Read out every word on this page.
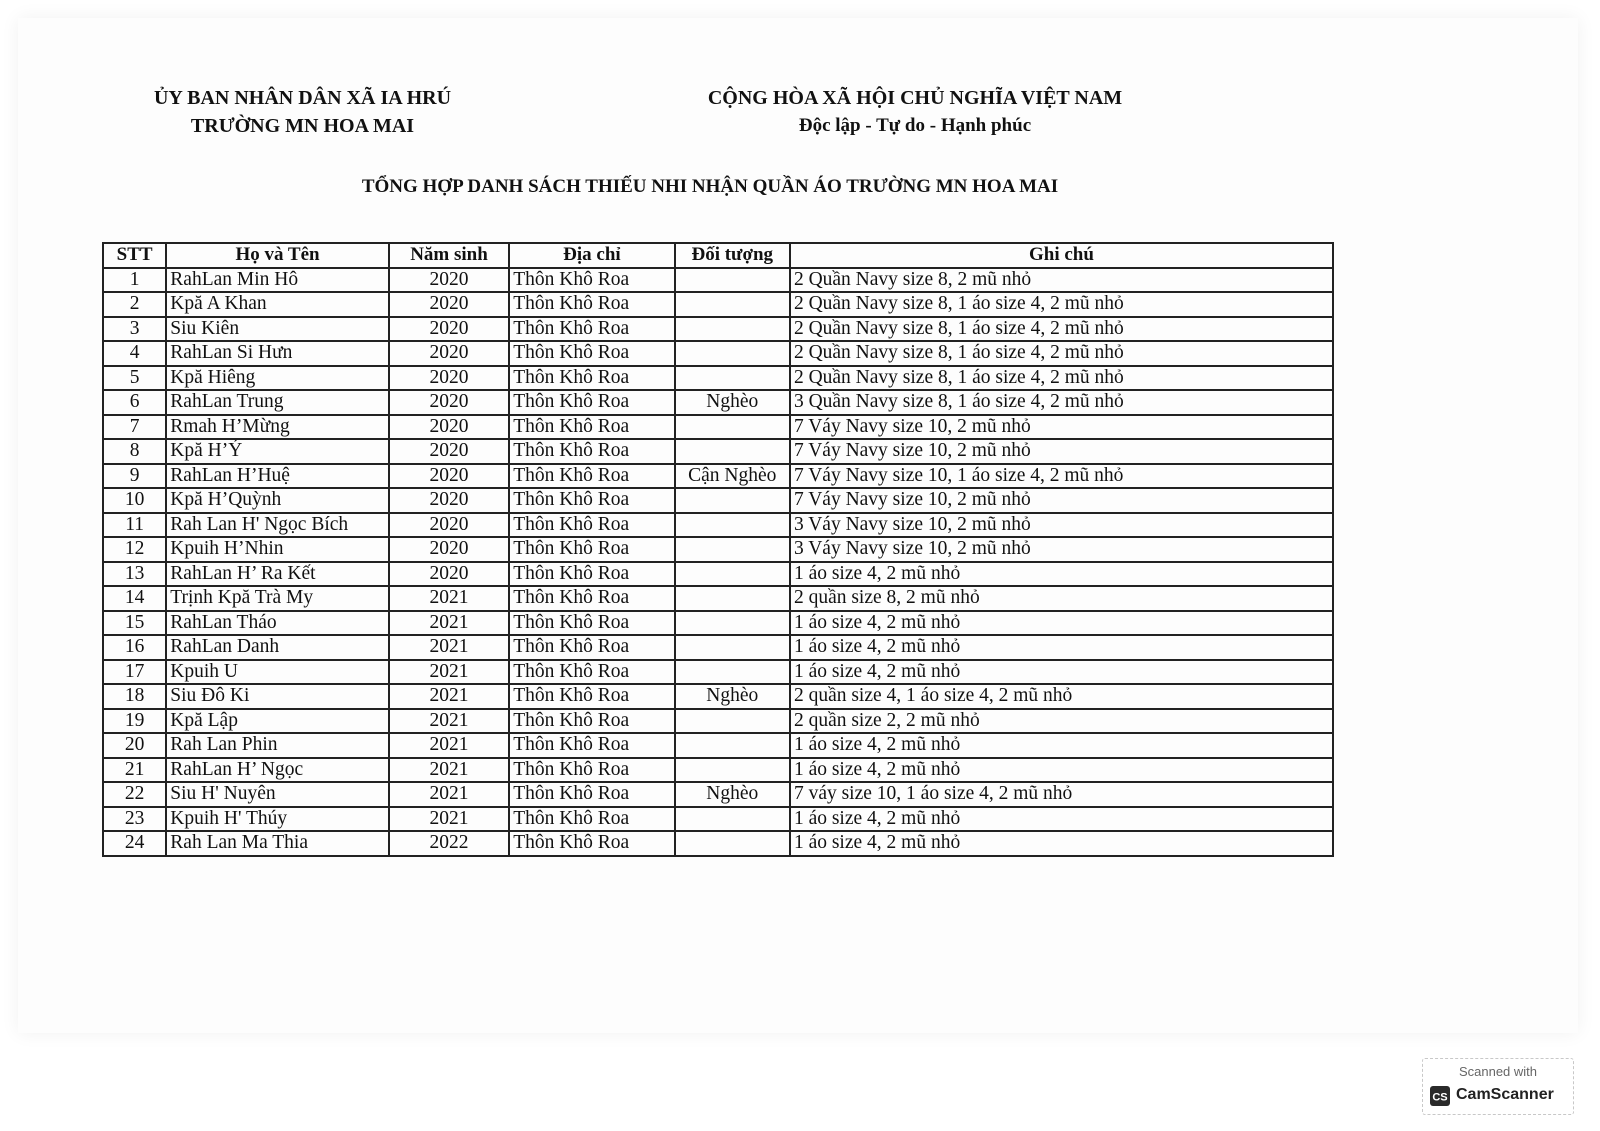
ỦY BAN NHÂN DÂN XÃ IA HRÚ
TRƯỜNG MN HOA MAI
CỘNG HÒA XÃ HỘI CHỦ NGHĨA VIỆT NAM
Độc lập - Tự do - Hạnh phúc
TỔNG HỢP DANH SÁCH THIẾU NHI NHẬN QUẦN ÁO TRƯỜNG MN HOA MAI
STT	Họ và Tên	Năm sinh	Địa chỉ	Đối tượng	Ghi chú
1	RahLan Min Hô	2020	Thôn Khô Roa		2 Quần Navy size 8, 2 mũ nhỏ
2	Kpă A Khan	2020	Thôn Khô Roa		2 Quần Navy size 8, 1 áo size 4, 2 mũ nhỏ
3	Siu Kiên	2020	Thôn Khô Roa		2 Quần Navy size 8, 1 áo size 4, 2 mũ nhỏ
4	RahLan Si Hưn	2020	Thôn Khô Roa		2 Quần Navy size 8, 1 áo size 4, 2 mũ nhỏ
5	Kpă Hiêng	2020	Thôn Khô Roa		2 Quần Navy size 8, 1 áo size 4, 2 mũ nhỏ
6	RahLan Trung	2020	Thôn Khô Roa	Nghèo	3 Quần Navy size 8, 1 áo size 4, 2 mũ nhỏ
7	Rmah H’Mừng	2020	Thôn Khô Roa		7 Váy Navy size 10, 2 mũ nhỏ
8	Kpă H’Ý	2020	Thôn Khô Roa		7 Váy Navy size 10, 2 mũ nhỏ
9	RahLan H’Huệ	2020	Thôn Khô Roa	Cận Nghèo	7 Váy Navy size 10, 1 áo size 4, 2 mũ nhỏ
10	Kpă H’Quỳnh	2020	Thôn Khô Roa		7 Váy Navy size 10, 2 mũ nhỏ
11	Rah Lan H' Ngọc Bích	2020	Thôn Khô Roa		3 Váy Navy size 10, 2 mũ nhỏ
12	Kpuih H’Nhin	2020	Thôn Khô Roa		3 Váy Navy size 10, 2 mũ nhỏ
13	RahLan H’ Ra Kết	2020	Thôn Khô Roa		1 áo size 4, 2 mũ nhỏ
14	Trịnh Kpă Trà My	2021	Thôn Khô Roa		2 quần size 8, 2 mũ nhỏ
15	RahLan Tháo	2021	Thôn Khô Roa		1 áo size 4, 2 mũ nhỏ
16	RahLan Danh	2021	Thôn Khô Roa		1 áo size 4, 2 mũ nhỏ
17	Kpuih U	2021	Thôn Khô Roa		1 áo size 4, 2 mũ nhỏ
18	Siu Đô Ki	2021	Thôn Khô Roa	Nghèo	2 quần size 4, 1 áo size 4, 2 mũ nhỏ
19	Kpă Lập	2021	Thôn Khô Roa		2 quần size 2, 2 mũ nhỏ
20	Rah Lan Phin	2021	Thôn Khô Roa		1 áo size 4, 2 mũ nhỏ
21	RahLan H’ Ngọc	2021	Thôn Khô Roa		1 áo size 4, 2 mũ nhỏ
22	Siu H' Nuyên	2021	Thôn Khô Roa	Nghèo	7 váy size 10, 1 áo size 4, 2 mũ nhỏ
23	Kpuih H' Thúy	2021	Thôn Khô Roa		1 áo size 4, 2 mũ nhỏ
24	Rah Lan Ma Thia	2022	Thôn Khô Roa		1 áo size 4, 2 mũ nhỏ
Scanned with
CS CamScanner
